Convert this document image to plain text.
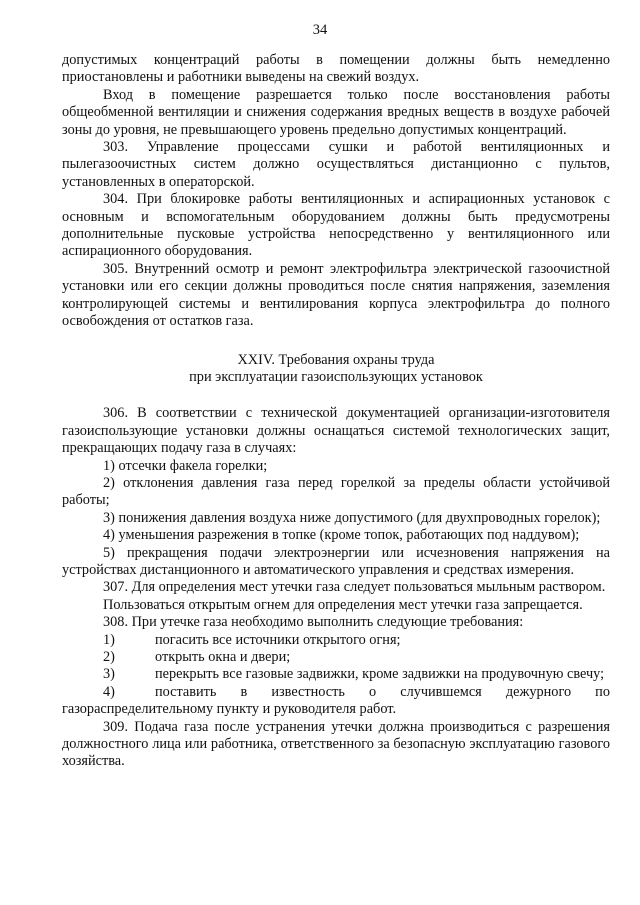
34

допустимых концентраций работы в помещении должны быть немедленно приостановлены и работники выведены на свежий воздух.

Вход в помещение разрешается только после восстановления работы общеобменной вентиляции и снижения содержания вредных веществ в воздухе рабочей зоны до уровня, не превышающего уровень предельно допустимых концентраций.

303. Управление процессами сушки и работой вентиляционных и пылегазоочистных систем должно осуществляться дистанционно с пультов, установленных в операторской.

304. При блокировке работы вентиляционных и аспирационных установок с основным и вспомогательным оборудованием должны быть предусмотрены дополнительные пусковые устройства непосредственно у вентиляционного или аспирационного оборудования.

305. Внутренний осмотр и ремонт электрофильтра электрической газоочистной установки или его секции должны проводиться после снятия напряжения, заземления контролирующей системы и вентилирования корпуса электрофильтра до полного освобождения от остатков газа.

XXIV. Требования охраны труда
при эксплуатации газоиспользующих установок

306. В соответствии с технической документацией организации-изготовителя газоиспользующие установки должны оснащаться системой технологических защит, прекращающих подачу газа в случаях:

1) отсечки факела горелки;

2) отклонения давления газа перед горелкой за пределы области устойчивой работы;

3) понижения давления воздуха ниже допустимого (для двухпроводных горелок);

4) уменьшения разрежения в топке (кроме топок, работающих под наддувом);

5) прекращения подачи электроэнергии или исчезновения напряжения на устройствах дистанционного и автоматического управления и средствах измерения.

307. Для определения мест утечки газа следует пользоваться мыльным раствором.

Пользоваться открытым огнем для определения мест утечки газа запрещается.

308. При утечке газа необходимо выполнить следующие требования:

1)	погасить все источники открытого огня;
2)	открыть окна и двери;

3)	перекрыть все газовые задвижки, кроме задвижки на продувочную свечу;

4)	поставить в известность о случившемся дежурного по газораспределительному пункту и руководителя работ.

309. Подача газа после устранения утечки должна производиться с разрешения должностного лица или работника, ответственного за безопасную эксплуатацию газового хозяйства.
